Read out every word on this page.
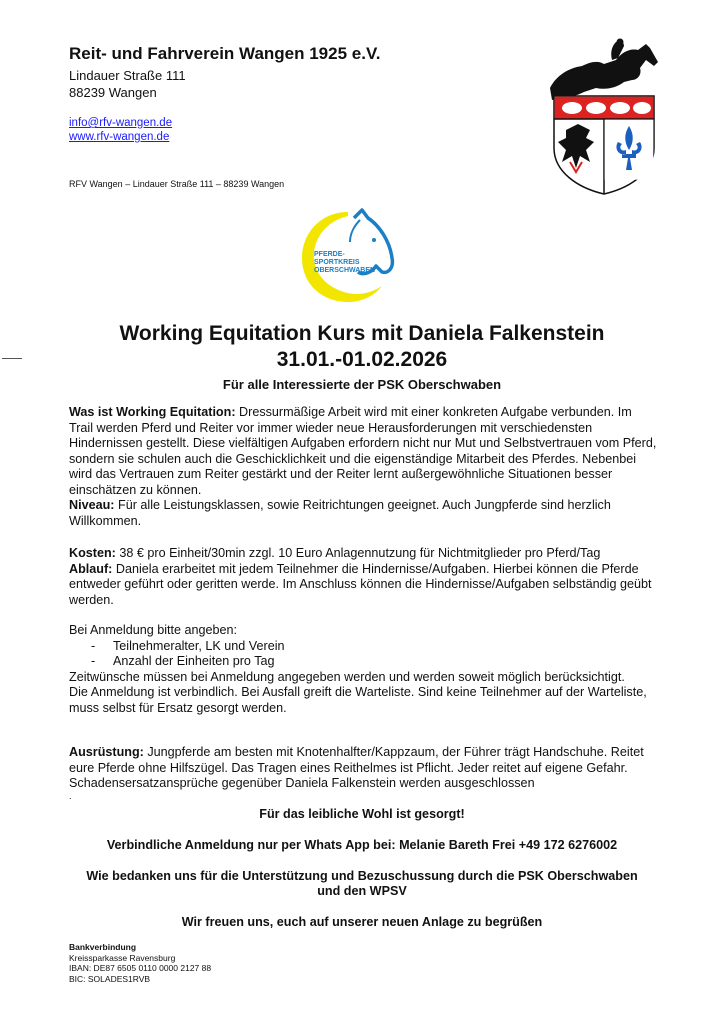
Reit- und Fahrverein Wangen 1925 e.V.
Lindauer Straße 111
88239 Wangen
info@rfv-wangen.de
www.rfv-wangen.de
RFV Wangen – Lindauer Straße 111 – 88239 Wangen
PFERDE-
SPORTKREIS
OBERSCHWABEN
Working Equitation Kurs mit Daniela Falkenstein
31.01.-01.02.2026
Für alle Interessierte der PSK Oberschwaben

Was ist Working Equitation: Dressurmäßige Arbeit wird mit einer konkreten Aufgabe verbunden. Im Trail werden Pferd und Reiter vor immer wieder neue Herausforderungen mit verschiedensten Hindernissen gestellt. Diese vielfältigen Aufgaben erfordern nicht nur Mut und Selbstvertrauen vom Pferd, sondern sie schulen auch die Geschicklichkeit und die eigenständige Mitarbeit des Pferdes. Nebenbei wird das Vertrauen zum Reiter gestärkt und der Reiter lernt außergewöhnliche Situationen besser einschätzen zu können.

Niveau: Für alle Leistungsklassen, sowie Reitrichtungen geeignet. Auch Jungpferde sind herzlich Willkommen.

Kosten: 38 € pro Einheit/30min zzgl. 10 Euro Anlagennutzung für Nichtmitglieder pro Pferd/Tag

Ablauf: Daniela erarbeitet mit jedem Teilnehmer die Hindernisse/Aufgaben. Hierbei können die Pferde entweder geführt oder geritten werde. Im Anschluss können die Hindernisse/Aufgaben selbständig geübt werden.

Bei Anmeldung bitte angeben:

- Teilnehmeralter, LK und Verein
- Anzahl der Einheiten pro Tag

Zeitwünsche müssen bei Anmeldung angegeben werden und werden soweit möglich berücksichtigt.

Die Anmeldung ist verbindlich. Bei Ausfall greift die Warteliste. Sind keine Teilnehmer auf der Warteliste, muss selbst für Ersatz gesorgt werden.

Ausrüstung: Jungpferde am besten mit Knotenhalfter/Kappzaum, der Führer trägt Handschuhe. Reitet eure Pferde ohne Hilfszügel. Das Tragen eines Reithelmes ist Pflicht. Jeder reitet auf eigene Gefahr. Schadensersatzansprüche gegenüber Daniela Falkenstein werden ausgeschlossen

.

Für das leibliche Wohl ist gesorgt!
Verbindliche Anmeldung nur per Whats App bei: Melanie Bareth Frei +49 172 6276002
Wie bedanken uns für die Unterstützung und Bezuschussung durch die PSK Oberschwaben
und den WPSV
Wir freuen uns, euch auf unserer neuen Anlage zu begrüßen
Bankverbindung
Kreissparkasse Ravensburg
IBAN: DE87 6505 0110 0000 2127 88
BIC: SOLADES1RVB
